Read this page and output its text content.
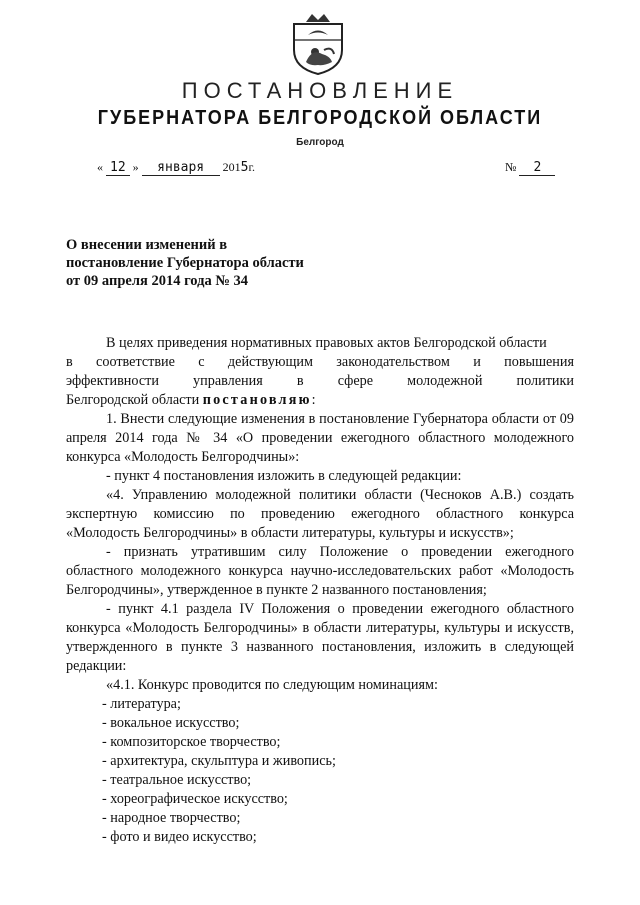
ПОСТАНОВЛЕНИЕ
ГУБЕРНАТОРА БЕЛГОРОДСКОЙ ОБЛАСТИ
Белгород
« 12 » января 2015г.	№ 2
О внесении изменений в
постановление Губернатора области
от 09 апреля 2014 года № 34

В целях приведения нормативных правовых актов Белгородской области

в соответствие с действующим законодательством и повышения

эффективности управления в сфере молодежной политики

Белгородской области постановляю:

1. Внести следующие изменения в постановление Губернатора области от 09 апреля 2014 года № 34 «О проведении ежегодного областного молодежного конкурса «Молодость Белгородчины»:

- пункт 4 постановления изложить в следующей редакции:

«4. Управлению молодежной политики области (Чесноков А.В.) создать экспертную комиссию по проведению ежегодного областного конкурса «Молодость Белгородчины» в области литературы, культуры и искусств»;

- признать утратившим силу Положение о проведении ежегодного областного молодежного конкурса научно-исследовательских работ «Молодость Белгородчины», утвержденное в пункте 2 названного постановления;

- пункт 4.1 раздела IV Положения о проведении ежегодного областного конкурса «Молодость Белгородчины» в области литературы, культуры и искусств, утвержденного в пункте 3 названного постановления, изложить в следующей редакции:

«4.1. Конкурс проводится по следующим номинациям:

- литература;
- вокальное искусство;
- композиторское творчество;
- архитектура, скульптура и живопись;
- театральное искусство;
- хореографическое искусство;
- народное творчество;
- фото и видео искусство;
